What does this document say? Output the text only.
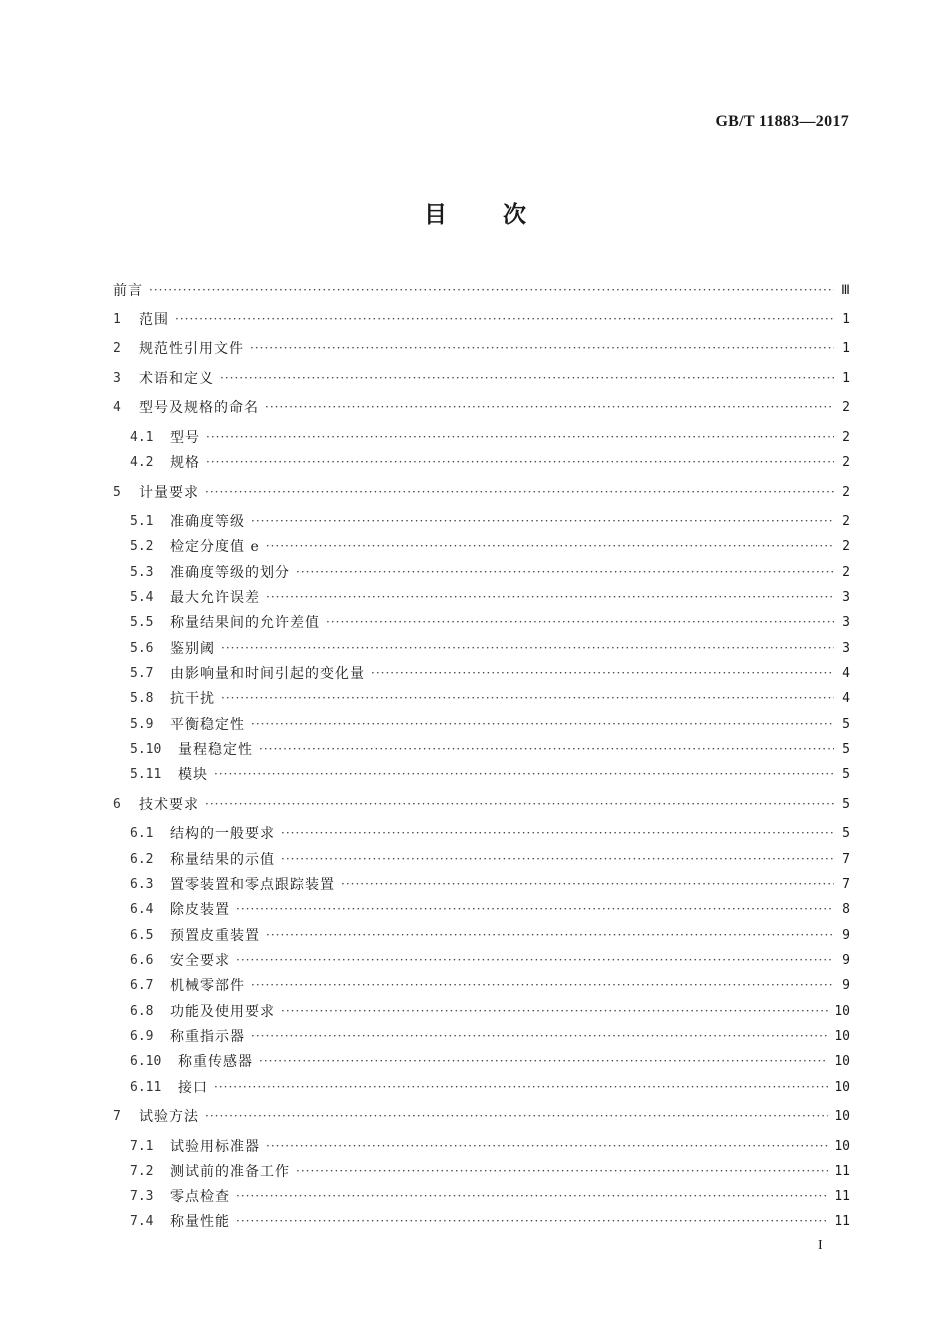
GB/T 11883—2017
目次
前言 ·····	Ⅲ
1	范围 ·····	1
2	规范性引用文件 ·····	1
3	术语和定义 ·····	1
4	型号及规格的命名 ·····	2
4.1	型号 ·····	2
4.2	规格 ·····	2
5	计量要求 ·····	2
5.1	准确度等级 ·····	2
5.2	检定分度值 e ·····	2
5.3	准确度等级的划分 ·····	2
5.4	最大允许误差 ·····	3
5.5	称量结果间的允许差值 ·····	3
5.6	鉴别阈 ·····	3
5.7	由影响量和时间引起的变化量 ·····	4
5.8	抗干扰 ·····	4
5.9	平衡稳定性 ·····	5
5.10	量程稳定性 ·····	5
5.11	模块 ·····	5
6	技术要求 ·····	5
6.1	结构的一般要求 ·····	5
6.2	称量结果的示值 ·····	7
6.3	置零装置和零点跟踪装置 ·····	7
6.4	除皮装置 ·····	8
6.5	预置皮重装置 ·····	9
6.6	安全要求 ·····	9
6.7	机械零部件 ·····	9
6.8	功能及使用要求 ·····	10
6.9	称重指示器 ·····	10
6.10	称重传感器 ·····	10
6.11	接口 ·····	10
7	试验方法 ·····	10
7.1	试验用标准器 ·····	10
7.2	测试前的准备工作 ·····	11
7.3	零点检查 ·····	11
7.4	称量性能 ·····	11
I
